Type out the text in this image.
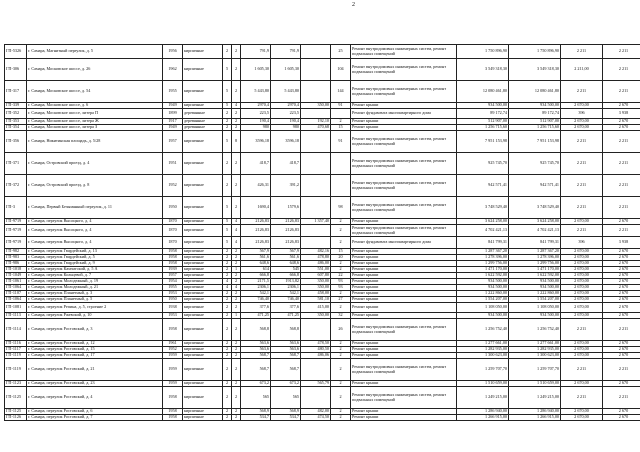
2
ГП-5326	г. Самара, Магнитный переулок, д. 5	1956	кирпичные	2	2	791,9	791,9		25	Ремонт внутридомовых инженерных систем, ремонт подвальных помещений	1 750 896,90	1 750 896,90	2 211	2 211
ГП-306	г. Самара, Московское шоссе, д. 26	1962	кирпичные	5	2	1 605,30	1 605,30		104	Ремонт внутридомовых инженерных систем, ремонт подвальных помещений	3 549 318,30	3 549 318,30	2 211,00	2 211
ГП-317	г. Самара, Московское шоссе, д. 54	1955	кирпичные	5	2	5 443,80	5 443,80		144	Ремонт внутридомовых инженерных систем, ремонт подвальных помещений	12 080 461,80	12 080 461,80	2 211	2 211
ГП-339	г. Самара, Московское шоссе, д. 6	1949	кирпичные	5	4	2970,4	2970,4	350,00	91	Ремонт крыши	934 500,00	934 500,00	2 670,00	2 670
ГП-352	г. Самара, Московское шоссе, литера П	1899	деревянные	2	2	223,5	223,5			Ремонт фундамента многоквартирного дома	89 172,74	89 172,74	396	3 938
ГП-353	г. Самара, Московское шоссе, литера Ж	1917	деревянные	2	2	190,4	190,4	192,10	2	Ремонт крыши	512 907,00	512 907,00	2 670,00	2 670
ГП-354	г. Самара, Московское шоссе, литера З	1949	деревянные	2	2	980	980	470,68	15	Ремонт крыши	1 256 715,60	1 256 715,60	2 670,00	2 670
ГП-356	г. Самара, Никитинская площадь, д. 5/28	1957	кирпичные	5	8	3596,18	3596,18		91	Ремонт внутридомовых инженерных систем, ремонт подвальных помещений	7 951 153,98	7 951 153,98	2 211	2 211
ГП-371	г. Самара, Островский проезд, д. 4	1951	кирпичные	2	2	418,7	418,7			Ремонт внутридомовых инженерных систем, ремонт подвальных помещений	925 745,70	925 745,70	2 211	2 211
ГП-372	г. Самара, Островский проезд, д. 8	1952	кирпичные	2	2	426,31	391,2			Ремонт внутридомовых инженерных систем, ремонт подвальных помещений	942 571,41	942 571,41	2 211	2 211
ГП-3	г. Самара, Первый Безымянный переулок, д. 11	1950	кирпичные	5	2	1690,4	1579,6		98	Ремонт внутридомовых инженерных систем, ремонт подвальных помещений	3 748 529,40	3 748 529,40	2 211	2 211
ГП-9719	г. Самара, переулок Высоцкого, д. 4	1870	кирпичные	5	4	2126,83	2126,83	1 357,40	2	Ремонт крыши	3 624 258,00	3 624 258,00	2 670,00	2 670
ГП-9719	г. Самара, переулок Высоцкого, д. 4	1870	кирпичные	5	4	2126,83	2126,83		2	Ремонт внутридомовых инженерных систем, ремонт подвальных помещений	4 702 421,13	4 702 421,13	2 211	2 211
ГП-9719	г. Самара, переулок Высоцкого, д. 4	1870	кирпичные	5	4	2126,83	2126,83		2	Ремонт фундамента многоквартирного дома	841 799,31	841 799,31	396	3 938
ГП-982	г. Самара, переулок Гвардейский, д. 13	1958	кирпичные	2	2	567,9	567,9	482,16	15	Ремонт крыши	1 287 367,20	1 287 367,20	2 670,00	2 670
ГП-983	г. Самара, переулок Гвардейский, д. 5	1958	кирпичные	2	2	561,6	561,6	478,80	20	Ремонт крыши	1 278 396,00	1 278 396,00	2 670,00	2 670
ГП-986	г. Самара, переулок Гвардейский, д. 9	1958	кирпичные	2	2	648,6	648,6	486,00	2	Ремонт крыши	1 299 756,00	1 299 756,00	2 670,00	2 670
ГП-1018	г. Самара, переулок Камчатский, д. 5 А	1939	кирпичные	2	1	614	545	551,00	2	Ремонт крыши	1 471 170,00	1 471 170,00	2 670,00	2 670
ГП-1049	г. Самара, переулок Кольцевой, д. 7	1957	кирпичные	2	2	666,8	666,8	607,80	22	Ремонт крыши	1 622 592,00	1 622 592,00	2 670,00	2 670
ГП-1061	г. Самара, переулок Молодежный, д. 19	1954	кирпичные	4	2	2171,5	1913,82	350,00	93	Ремонт крыши	934 500,00	934 500,00	2 670,00	2 670
ГП-1064	г. Самара, переулок Молодежный, д. 21	1955	кирпичные	4	4	2306,1	2306,1	350,00	93	Ремонт крыши	934 500,00	934 500,00	2 670,00	2 670
ГП-1107	г. Самара, переулок Планетный, д. 3	1953	кирпичные	2	2	542,1	542,1	458,00	2	Ремонт крыши	1 222 860,00	1 222 860,00	2 670,00	2 670
ГП-1064	г. Самара, переулок Планетный, д. 5	1950	кирпичные	2	2	746,40	746,40	581,10	27	Ремонт крыши	1 554 207,00	1 554 207,00	2 670,00	2 670
ГП-1081	г. Самара, переулок Репина, д. 5, строение 2	1938	кирпичные	2	2	377,6	377,6	415,00	2	Ремонт крыши	1 108 050,00	1 108 050,00	2 670,00	2 670
ГП-1113	г. Самара, переулок Ржевский, д. 10	1953	кирпичные	2	1	471,25	471,25	350,00	32	Ремонт крыши	934 500,00	934 500,00	2 670,00	2 670
ГП-1114	г. Самара, переулок Ростовский, д. 3	1958	кирпичные	2	2	568,8	568,8		26	Ремонт внутридомовых инженерных систем, ремонт подвальных помещений	1 256 752,40	1 256 752,40	2 211	2 211
ГП-1116	г. Самара, переулок Ростовский, д. 12	1961	кирпичные	2	2	563,6	563,6	478,50	2	Ремонт крыши	1 277 661,00	1 277 661,00	2 670,00	2 670
ГП-1117	г. Самара, переулок Ростовский, д. 15	1952	кирпичные	2	2	563,6	563,6	480,50	2	Ремонт крыши	1 282 935,00	1 282 935,00	2 670,00	2 670
ГП-1119	г. Самара, переулок Ростовский, д. 17	1959	кирпичные	2	2	568,7	568,7	486,06	2	Ремонт крыши	1 300 623,00	1 300 623,00	2 670,00	2 670
ГП-1119	г. Самара, переулок Ростовский, д. 21	1959	кирпичные	2	2	568,7	568,7		2	Ремонт внутридомовых инженерных систем, ремонт подвальных помещений	1 259 707,70	1 259 707,70	2 211	2 211
ГП-1123	г. Самара, переулок Ростовский, д. 23	1959	кирпичные	2	2	673,2	673,2	565,79	2	Ремонт крыши	1 510 659,00	1 510 659,00	2 670,00	2 670
ГП-1125	г. Самара, переулок Ростовский, д. 4	1958	кирпичные	2	2	565	565		2	Ремонт внутридомовых инженерных систем, ремонт подвальных помещений	1 249 215,00	1 249 215,00	2 211	2 211
ГП-1125	г. Самара, переулок Ростовский, д. 6	1958	кирпичные	2	2	568,9	568,9	482,00	2	Ремонт крыши	1 286 940,00	1 286 940,00	2 670,00	2 670
ГП-1126	г. Самара, переулок Ростовский, д. 7	1958	кирпичные	2	2	534,7	534,7	474,50	2	Ремонт крыши	1 266 915,00	1 266 915,00	2 670,00	2 670
